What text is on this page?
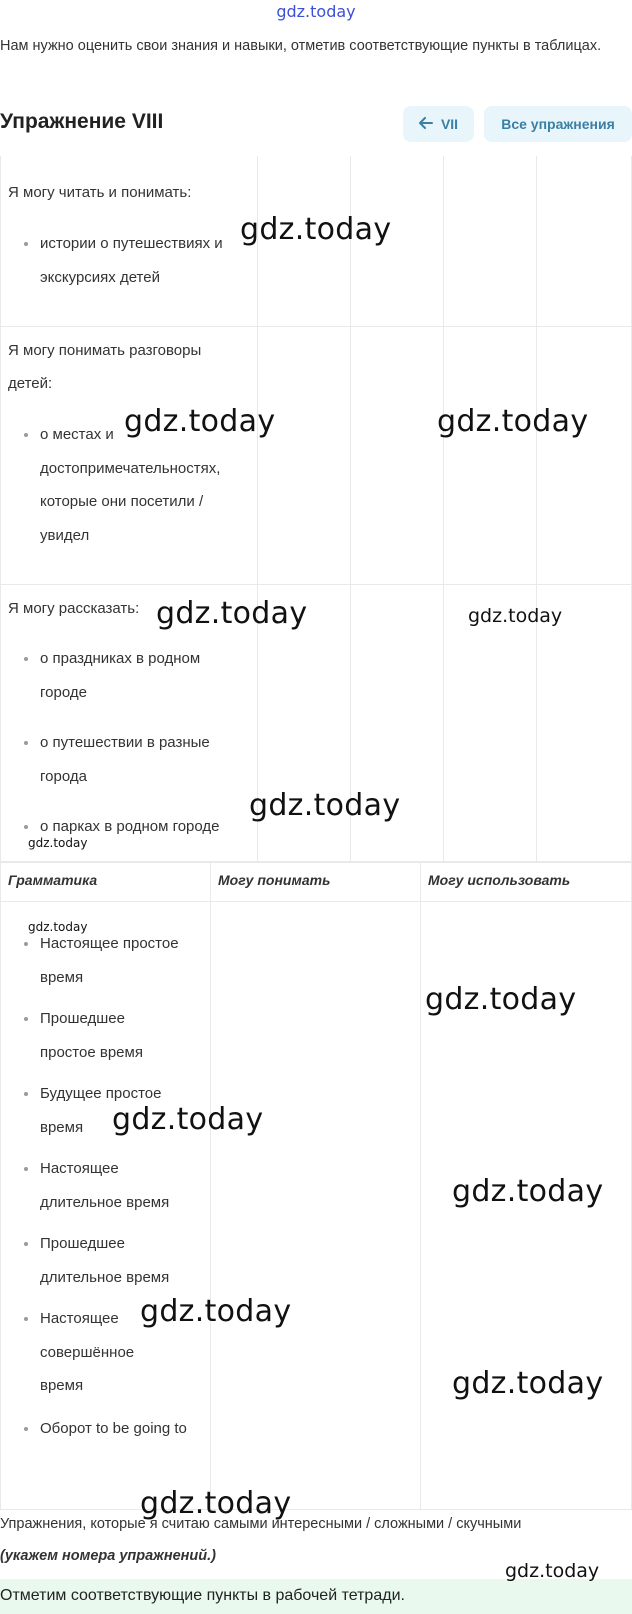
gdz.today
Нам нужно оценить свои знания и навыки, отметив соответствующие пункты в таблицах.
Упражнение VIII	VII	Все упражнения
Я могу читать и понимать:
истории о путешествиях и экскурсиях детей
Я могу понимать разговоры детей:
о местах и достопримечательностях, которые они посетили / увидел
Я могу рассказать:
о праздниках в родном городе
о путешествии в разные города
о парках в родном городе
Грамматика	Могу понимать	Могу использовать
Настоящее простое время
Прошедшее простое время
Будущее простое время
Настоящее длительное время
Прошедшее длительное время
Настоящее совершённое время
Оборот to be going to
Упражнения, которые я считаю самыми интересными / сложными / скучными
(укажем номера упражнений.)
Отметим соответствующие пункты в рабочей тетради.
gdz.today
gdz.today	gdz.today
gdz.today	gdz.today
gdz.today
gdz.today
gdz.today
gdz.today
gdz.today
gdz.today
gdz.today
gdz.today
gdz.today
gdz.today
